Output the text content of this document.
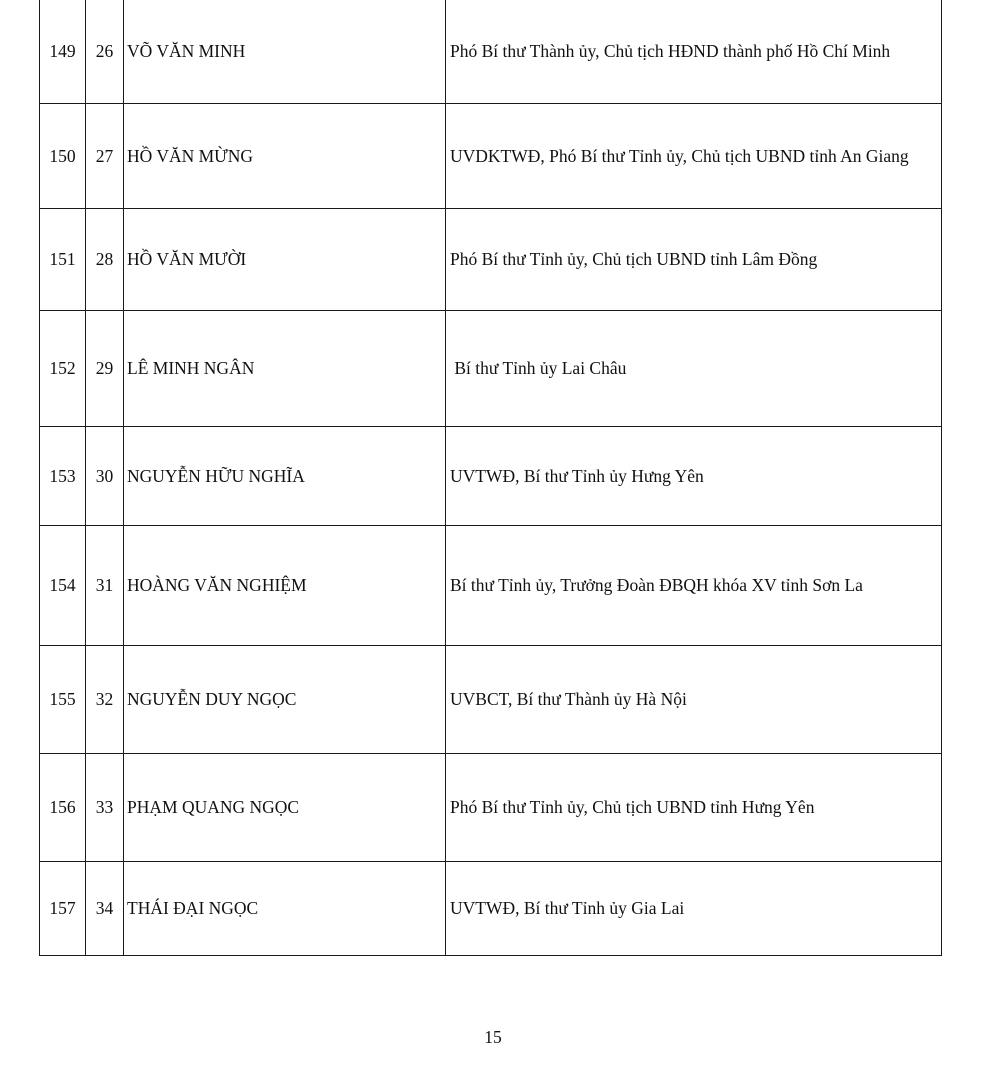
149	26	VÕ VĂN MINH	Phó Bí thư Thành ủy, Chủ tịch HĐND thành phố Hồ Chí Minh
150	27	HỒ VĂN MỪNG	UVDKTWĐ, Phó Bí thư Tỉnh ủy, Chủ tịch UBND tỉnh An Giang
151	28	HỒ VĂN MƯỜI	Phó Bí thư Tỉnh ủy, Chủ tịch UBND tỉnh Lâm Đồng
152	29	LÊ MINH NGÂN	Bí thư Tỉnh ủy Lai Châu
153	30	NGUYỄN HỮU NGHĨA	UVTWĐ, Bí thư Tỉnh ủy Hưng Yên
154	31	HOÀNG VĂN NGHIỆM	Bí thư Tỉnh ủy, Trưởng Đoàn ĐBQH khóa XV tỉnh Sơn La
155	32	NGUYỄN DUY NGỌC	UVBCT, Bí thư Thành ủy Hà Nội
156	33	PHẠM QUANG NGỌC	Phó Bí thư Tỉnh ủy, Chủ tịch UBND tỉnh Hưng Yên
157	34	THÁI ĐẠI NGỌC	UVTWĐ, Bí thư Tỉnh ủy Gia Lai
15
